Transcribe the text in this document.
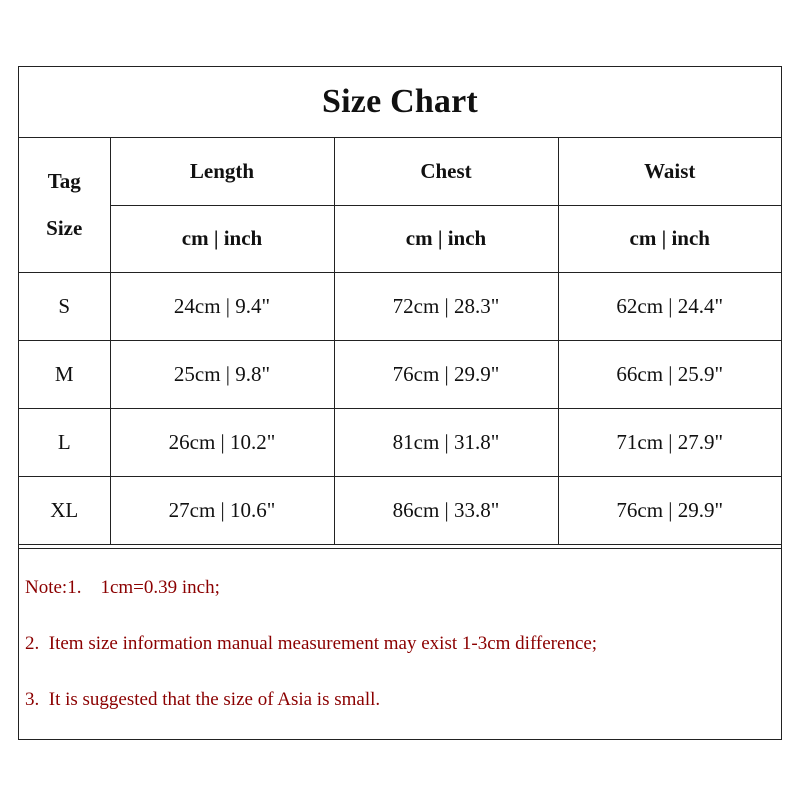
Size Chart
Tag
Size	Length	Chest	Waist
	cm | inch	cm | inch	cm | inch
S	24cm | 9.4"	72cm | 28.3"	62cm | 24.4"
M	25cm | 9.8"	76cm | 29.9"	66cm | 25.9"
L	26cm | 10.2"	81cm | 31.8"	71cm | 27.9"
XL	27cm | 10.6"	86cm | 33.8"	76cm | 29.9"
Note:1.    1cm=0.39 inch;
2.  Item size information manual measurement may exist 1-3cm difference;
3.  It is suggested that the size of Asia is small.
